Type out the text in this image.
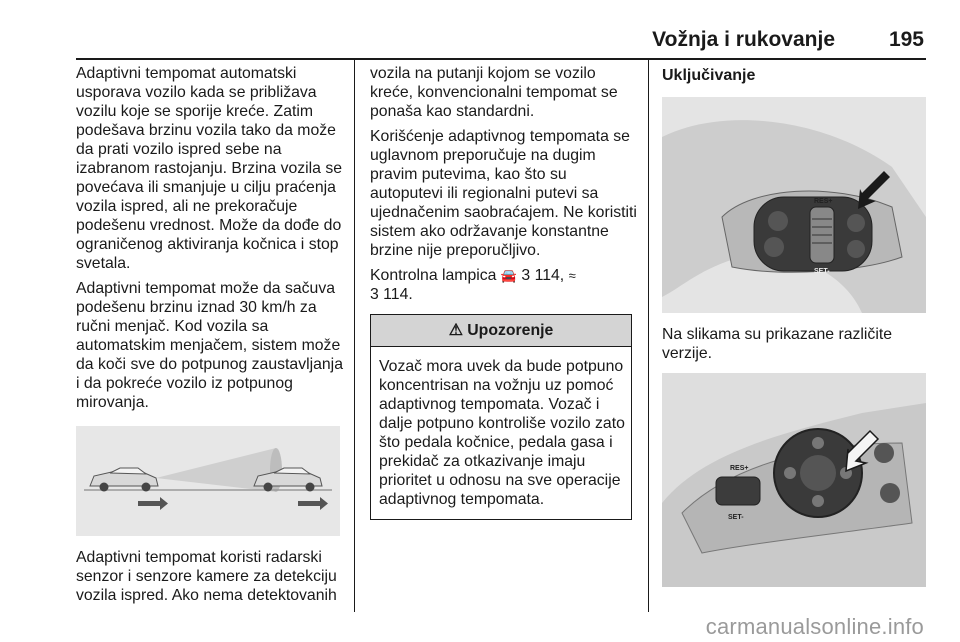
Vožnja i rukovanje	195

Adaptivni tempomat automatski usporava vozilo kada se približava vozilu koje se sporije kreće. Zatim podešava brzinu vozila tako da može da prati vozilo ispred sebe na izabranom rastojanju. Brzina vozila se povećava ili smanjuje u cilju praćenja vozila ispred, ali ne prekoračuje podešenu vrednost. Može da dođe do ograničenog aktiviranja kočnica i stop svetala.

Adaptivni tempomat može da sačuva podešenu brzinu iznad 30 km/h za ručni menjač. Kod vozila sa automatskim menjačem, sistem može da koči sve do potpunog zaustavljanja i da pokreće vozilo iz potpunog mirovanja.

Adaptivni tempomat koristi radarski senzor i senzore kamere za detekciju vozila ispred. Ako nema detektovanih

vozila na putanji kojom se vozilo kreće, konvencionalni tempomat se ponaša kao standardni.

Korišćenje adaptivnog tempomata se uglavnom preporučuje na dugim pravim putevima, kao što su autoputevi ili regionalni putevi sa ujednačenim saobraćajem. Ne koristiti sistem ako održavanje konstantne brzine nije preporučljivo.

Kontrolna lampica 🚘 3 114, ≈
3 114.

⚠ Upozorenje
Vozač mora uvek da bude potpuno koncentrisan na vožnju uz pomoć adaptivnog tempomata. Vozač i dalje potpuno kontroliše vozilo zato što pedala kočnice, pedala gasa i prekidač za otkazivanje imaju prioritet u odnosu na sve operacije adaptivnog tempomata.
Uključivanje
RES+
SET-

Na slikama su prikazane različite verzije.

RES+
SET-
carmanualsonline.info
